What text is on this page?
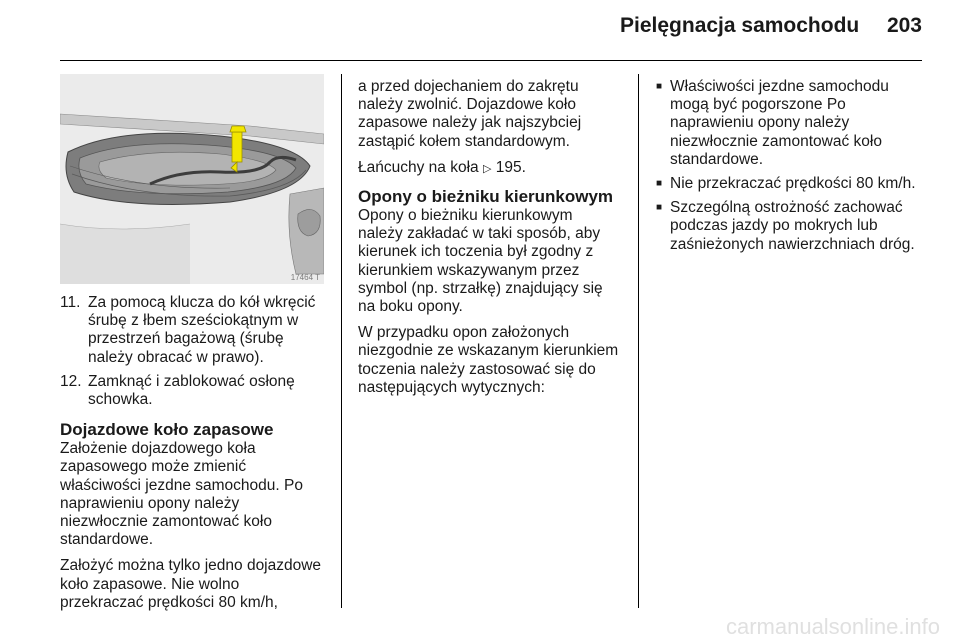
Pielęgnacja samochodu	203
17464 T
11. Za pomocą klucza do kół wkręcić śrubę z łbem sześciokątnym w przestrzeń bagażową (śrubę należy obracać w prawo).
12. Zamknąć i zablokować osłonę schowka.
Dojazdowe koło zapasowe

Założenie dojazdowego koła zapasowego może zmienić właściwości jezdne samochodu. Po naprawieniu opony należy niezwłocznie zamontować koło standardowe.

Założyć można tylko jedno dojazdowe koło zapasowe. Nie wolno przekraczać prędkości 80 km/h,

a przed dojechaniem do zakrętu należy zwolnić. Dojazdowe koło zapasowe należy jak najszybciej zastąpić kołem standardowym.

Łańcuchy na koła ▷ 195.

Opony o bieżniku kierunkowym

Opony o bieżniku kierunkowym należy zakładać w taki sposób, aby kierunek ich toczenia był zgodny z kierunkiem wskazywanym przez symbol (np. strzałkę) znajdujący się na boku opony.

W przypadku opon założonych niezgodnie ze wskazanym kierunkiem toczenia należy zastosować się do następujących wytycznych:

■ Właściwości jezdne samochodu mogą być pogorszone Po naprawieniu opony należy niezwłocznie zamontować koło standardowe.
■ Nie przekraczać prędkości 80 km/h.
■ Szczególną ostrożność zachować podczas jazdy po mokrych lub zaśnieżonych nawierzchniach dróg.
carmanualsonline.info
